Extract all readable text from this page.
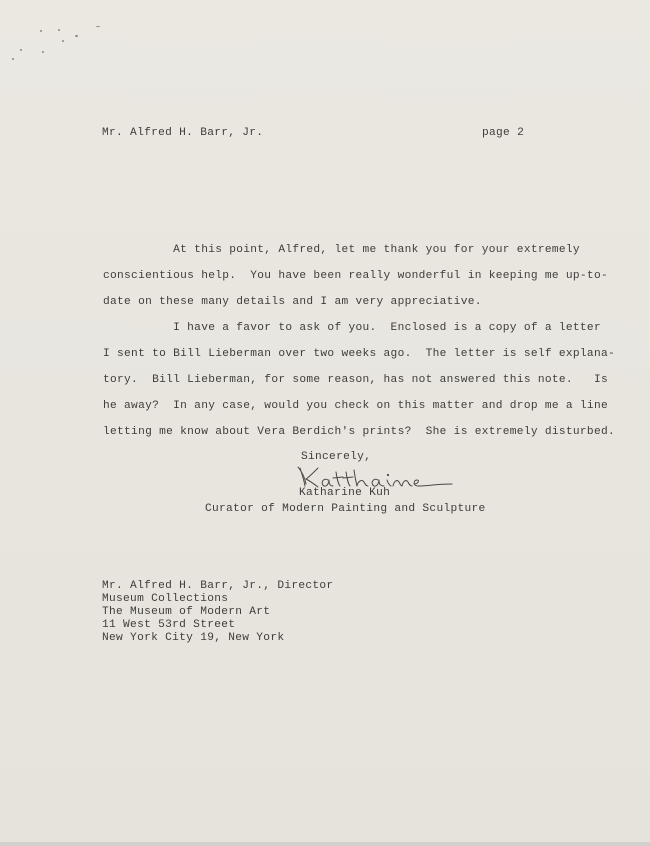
Mr. Alfred H. Barr, Jr.	page 2
At this point, Alfred, let me thank you for your extremely
conscientious help.  You have been really wonderful in keeping me up-to-
date on these many details and I am very appreciative.
I have a favor to ask of you.  Enclosed is a copy of a letter
I sent to Bill Lieberman over two weeks ago.  The letter is self explana-
tory.  Bill Lieberman, for some reason, has not answered this note.   Is
he away?  In any case, would you check on this matter and drop me a line
letting me know about Vera Berdich's prints?  She is extremely disturbed.
Sincerely,
Katharine Kuh
Curator of Modern Painting and Sculpture
Mr. Alfred H. Barr, Jr., Director
Museum Collections
The Museum of Modern Art
11 West 53rd Street
New York City 19, New York
